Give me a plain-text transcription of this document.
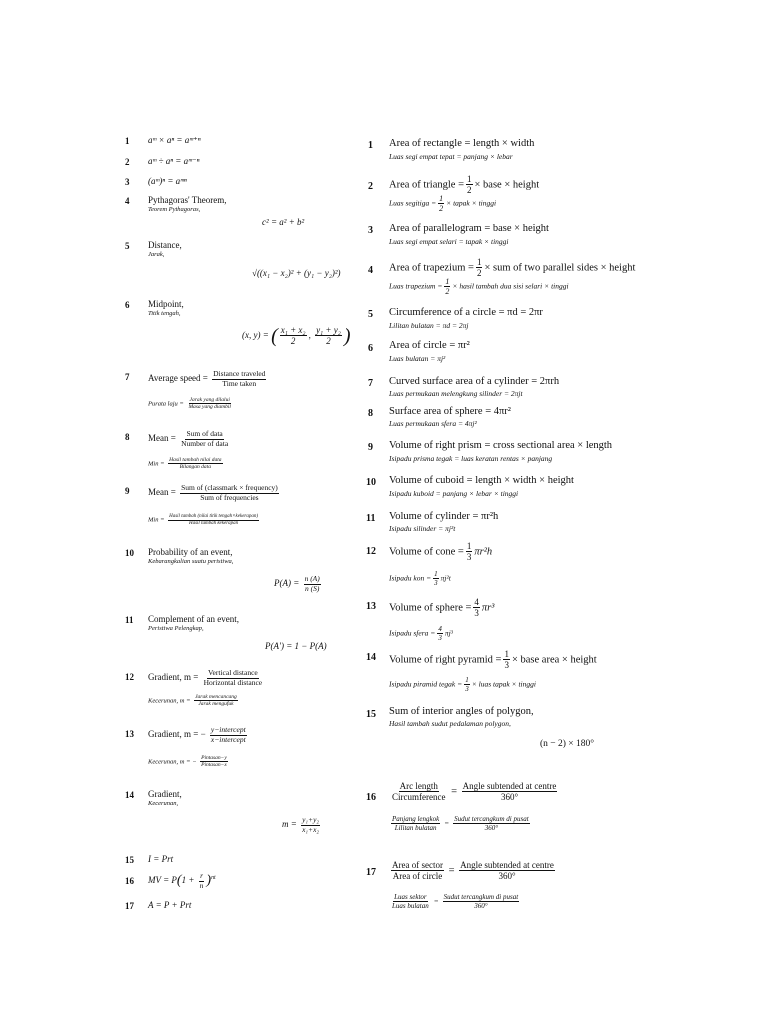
1 aᵐ × aⁿ = aᵐ⁺ⁿ
2 aᵐ ÷ aⁿ = aᵐ⁻ⁿ
3 (aᵐ)ⁿ = aᵐⁿ
4 Pythagoras' Theorem,
Teorem Pythagoras,
c² = a² + b²
5 Distance,
Jarak,
√((x₁ − x₂)² + (y₁ − y₂)²)
6 Midpoint,
Titik tengah,
(x, y) = ( $\frac{\text{x₁ + x₂}}{2}$ , $\frac{\text{y₁ + y₂}}{2}$ )
7 Average speed = $\frac{\text{Distance traveled}}{\text{Time taken}}$
Purata laju = $\frac{\text{Jarak yang dilalui}}{\text{Masa yang diambil}}$
8 Mean = $\frac{\text{Sum of data}}{\text{Number of data}}$
Min = $\frac{\text{Hasil tambah nilai data}}{\text{Bilangan data}}$
9 Mean = $\frac{\text{Sum of (classmark × frequency)}}{\text{Sum of frequencies}}$
Min = $\frac{\text{Hasil tambah (nilai titik tengah×kekerapan)}}{\text{Hasil tambah kekerapan}}$
10 Probability of an event,
Kebarangkalian suatu peristiwa,
$P(A) = \frac{n (A)}{n (S)}$
11 Complement of an event,
Peristiwa Pelengkap,
P(A′) = 1 − P(A)
12 Gradient, $m = \frac{\text{Vertical distance}}{\text{Horizontal distance}}$
Kecerunan, $m = \frac{\text{Jarak mencancang}}{\text{Jarak mengufuk}}$
13 Gradient, m = − $\frac{\text{y−intercept}}{\text{x−intercept}}$
Kecerunan, m = − $\frac{\text{Pintasan−y}}{\text{Pintasan−x}}$
14 Gradient,
Kecerunan,
$m = \frac{\text{y₁+y₂}}{\text{x₁+x₂}}$
15 I = Prt
16 MV = $P(1 + \frac{r}{n} )^{nt}$
17 A = P + Prt
1 Area of rectangle = length × width
Luas segi empat tepat = panjang × lebar
2 Area of triangle = $\frac{1}{2}$ × base × height
Luas segitiga = $\frac{1}{2}$ × tapak × tinggi
3 Area of parallelogram = base × height
Luas segi empat selari = tapak × tinggi
4 Area of trapezium = $\frac{1}{2}$ × sum of two parallel sides × height
Luas trapezium = $\frac{1}{2}$ × hasil tambah dua sisi selari × tinggi
5 Circumference of a circle = πd = 2πr
Lilitan bulatan = πd = 2πj
6 Area of circle = πr²
Luas bulatan = πj²
7 Curved surface area of a cylinder = 2πrh
Luas permukaan melengkung silinder = 2πjt
8 Surface area of sphere = 4πr²
Luas permukaan sfera = 4πj²
9 Volume of right prism = cross sectional area × length
Isipadu prisma tegak = luas keratan rentas × panjang
10 Volume of cuboid = length × width × height
Isipadu kuboid = panjang × lebar × tinggi
11 Volume of cylinder = πr²h
Isipadu silinder = πj²t
12 Volume of cone = $\frac{1}{3} \pi r^2h$
Isipadu kon = $\frac{1}{3} \pi j^2t$
13 Volume of sphere = $\frac{4}{3} \pi r^3$
Isipadu sfera = $\frac{4}{3} \pi j^3$
14 Volume of right pyramid = $\frac{1}{3}$ × base area × height
Isipadu piramid tegak = $\frac{1}{3}$ × luas tapak × tinggi
15 Sum of interior angles of polygon,
Hasil tambah sudut pedalaman polygon,
(n − 2) × 180°
$16 \frac{\text{Arc length}}{\text{Circumference}} = \frac{\text{Angle subtended at centre}}{360^\circ}$
$\frac{\text{Panjang lengkok}}{\text{Lilitan bulatan}} = \frac{\text{Sudut tercangkum di pusat}}{360^\circ}$
$17 \frac{\text{Area of sector}}{\text{Area of circle}} = \frac{\text{Angle subtended at centre}}{360^\circ}$
$\frac{\text{Luas sektor}}{\text{Luas bulatan}} = \frac{\text{Sudut tercangkum di pusat}}{360^\circ}$
